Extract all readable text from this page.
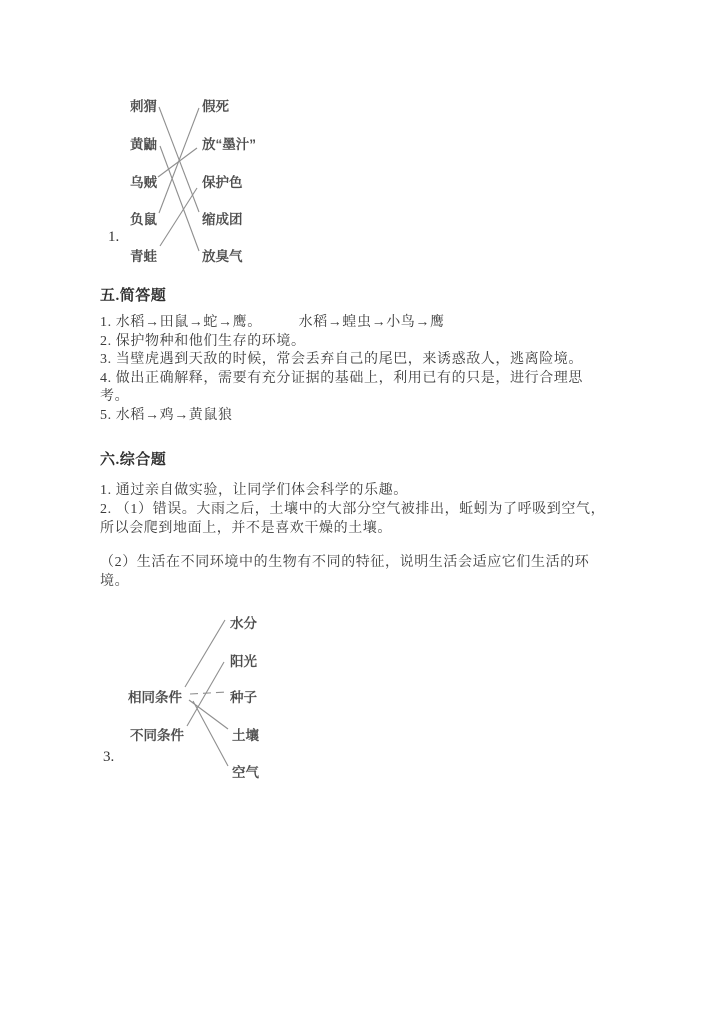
刺猬
黄鼬
乌贼
负鼠
青蛙
假死
放“墨汁”
保护色
缩成团
放臭气
1.
五.简答题
1. 水稻→田鼠→蛇→鹰。　　　水稻→蝗虫→小鸟→鹰
2. 保护物种和他们生存的环境。
3. 当壁虎遇到天敌的时候，常会丢弃自己的尾巴，来诱惑敌人，逃离险境。
4. 做出正确解释，需要有充分证据的基础上，利用已有的只是，进行合理思
考。
5. 水稻→鸡→黄鼠狼
六.综合题
1. 通过亲自做实验，让同学们体会科学的乐趣。
2. （1）错误。大雨之后，土壤中的大部分空气被排出，蚯蚓为了呼吸到空气，
所以会爬到地面上，并不是喜欢干燥的土壤。
（2）生活在不同环境中的生物有不同的特征，说明生活会适应它们生活的环
境。
水分
阳光
相同条件	种子
不同条件	土壤
空气
3.
